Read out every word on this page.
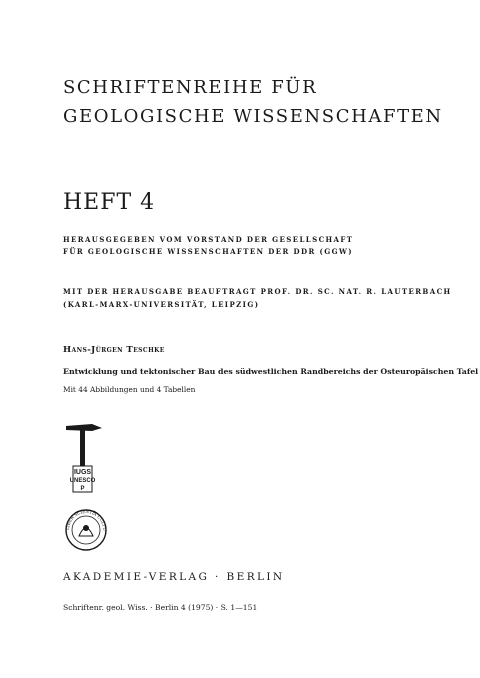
SCHRIFTENREIHE FÜR
GEOLOGISCHE WISSENSCHAFTEN
HEFT 4
HERAUSGEGEBEN VOM VORSTAND DER GESELLSCHAFT
FÜR GEOLOGISCHE WISSENSCHAFTEN DER DDR (GGW)
MIT DER HERAUSGABE BEAUFTRAGT PROF. DR. SC. NAT. R. LAUTERBACH
(KARL-MARX-UNIVERSITÄT, LEIPZIG)
Hans-Jürgen Teschke
Entwicklung und tektonischer Bau des südwestlichen Randbereichs der Osteuropäischen Tafel
Mit 44 Abbildungen und 4 Tabellen
IUGS
UNESCO
P
LIBER SCIENTIA CULTU
AKADEMIE-VERLAG · BERLIN
Schriftenr. geol. Wiss. · Berlin 4 (1975) · S. 1—151
